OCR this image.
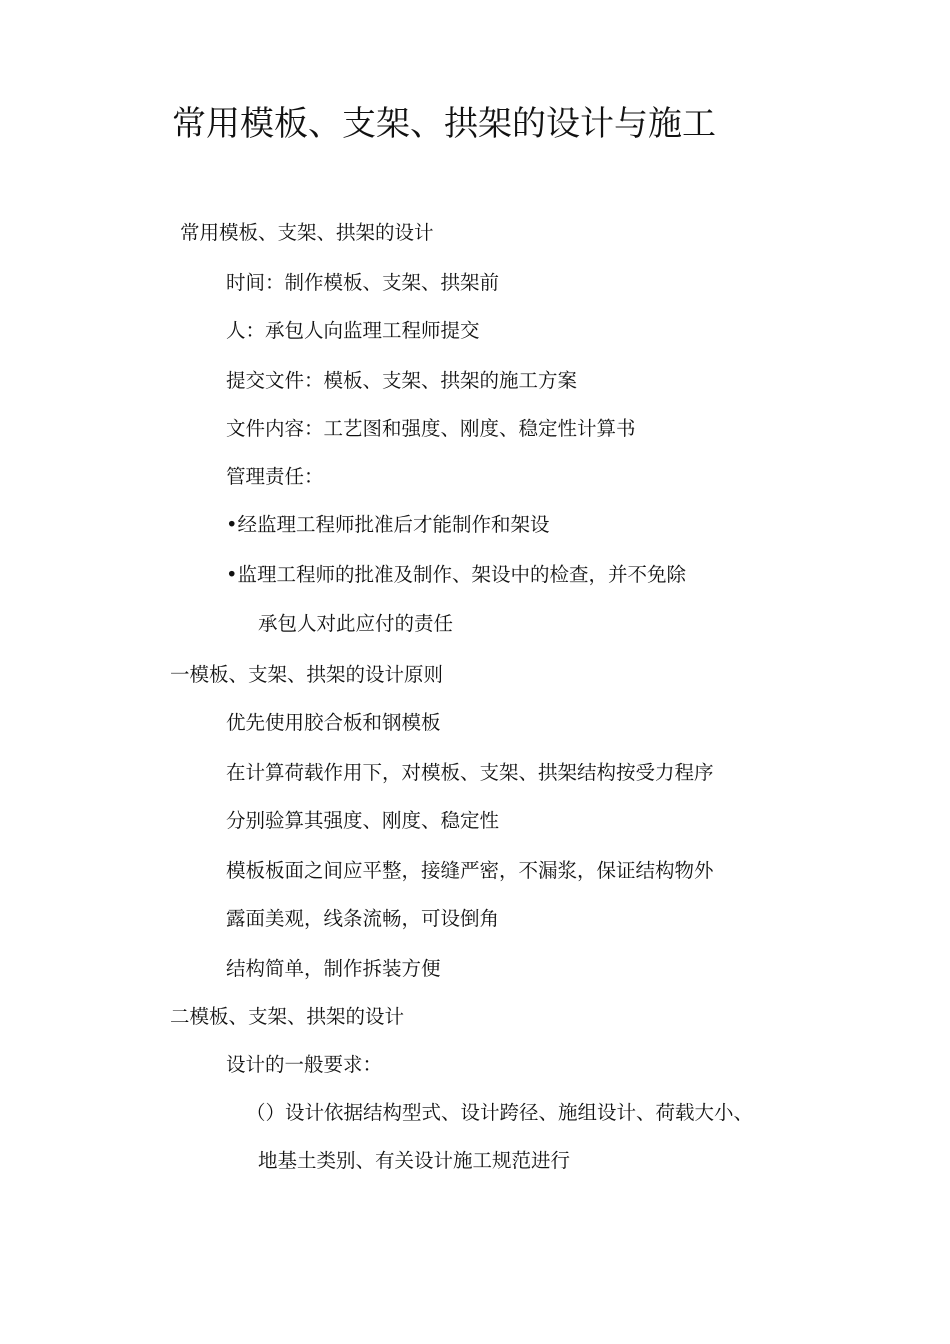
常用模板、支架、拱架的设计与施工
常用模板、支架、拱架的设计
时间：制作模板、支架、拱架前
人：承包人向监理工程师提交
提交文件：模板、支架、拱架的施工方案
文件内容：工艺图和强度、刚度、稳定性计算书
管理责任：
•经监理工程师批准后才能制作和架设
•监理工程师的批准及制作、架设中的检查，并不免除
承包人对此应付的责任
一模板、支架、拱架的设计原则
优先使用胶合板和钢模板
在计算荷载作用下，对模板、支架、拱架结构按受力程序
分别验算其强度、刚度、稳定性
模板板面之间应平整，接缝严密，不漏浆，保证结构物外
露面美观，线条流畅，可设倒角
结构简单，制作拆装方便
二模板、支架、拱架的设计
设计的一般要求：
（）设计依据结构型式、设计跨径、施组设计、荷载大小、
地基土类别、有关设计施工规范进行
